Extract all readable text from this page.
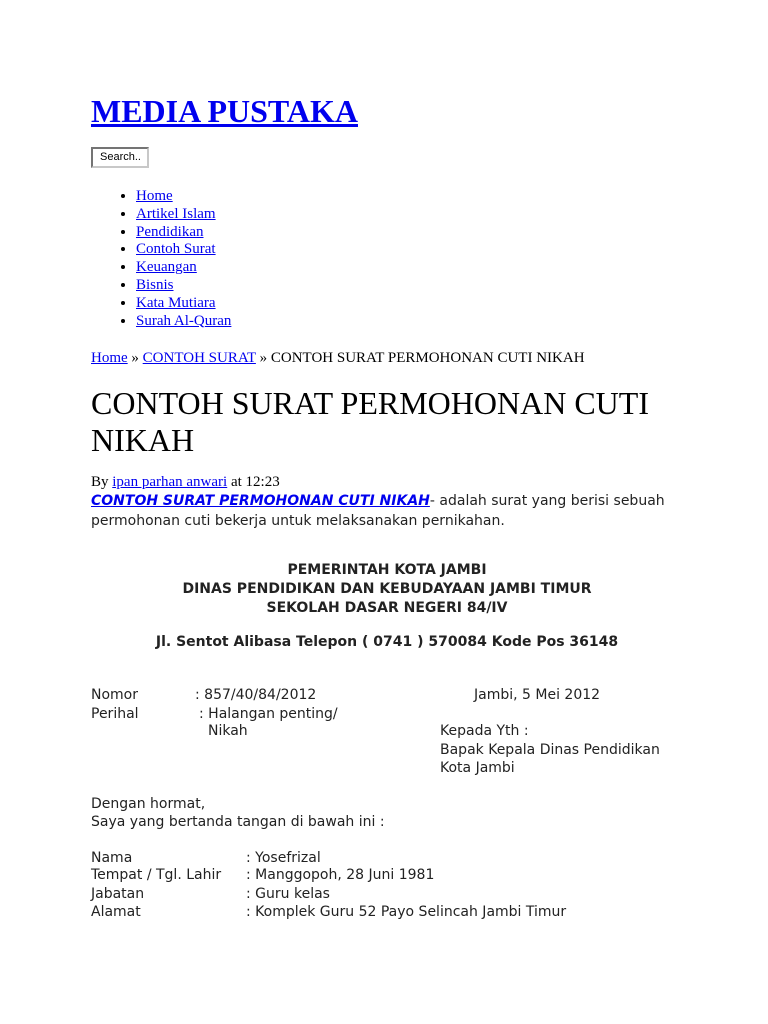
MEDIA PUSTAKA
Search..
• Home
• Artikel Islam
• Pendidikan
• Contoh Surat
• Keuangan
• Bisnis
• Kata Mutiara
• Surah Al-Quran
Home » CONTOH SURAT » CONTOH SURAT PERMOHONAN CUTI NIKAH
CONTOH SURAT PERMOHONAN CUTI NIKAH
By ipan parhan anwari at 12:23
CONTOH SURAT PERMOHONAN CUTI NIKAH- adalah surat yang berisi sebuah permohonan cuti bekerja untuk melaksanakan pernikahan.
PEMERINTAH KOTA JAMBI
DINAS PENDIDIKAN DAN KEBUDAYAAN JAMBI TIMUR
SEKOLAH DASAR NEGERI 84/IV
Jl. Sentot Alibasa Telepon ( 0741 ) 570084 Kode Pos 36148
Nomor	: 857/40/84/2012	Jambi, 5 Mei 2012
Perihal	: Halangan penting/
Nikah	Kepada Yth :
Bapak Kepala Dinas Pendidikan
Kota Jambi
Dengan hormat,
Saya yang bertanda tangan di bawah ini :
Nama	: Yosefrizal
Tempat / Tgl. Lahir : Manggopoh, 28 Juni 1981
Jabatan	: Guru kelas
Alamat	: Komplek Guru 52 Payo Selincah Jambi Timur
